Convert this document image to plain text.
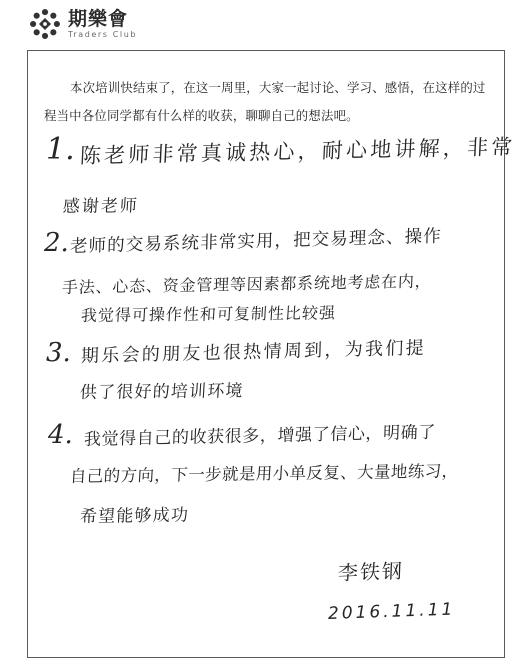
期樂會
Traders Club
本次培训快结束了，在这一周里，大家一起讨论、学习、感悟，在这样的过程当中各位同学都有什么样的收获，聊聊自己的想法吧。
1. 陈老师非常真诚热心，耐心地讲解，非常
感谢老师
2. 老师的交易系统非常实用，把交易理念、操作
手法、心态、资金管理等因素都系统地考虑在内，
我觉得可操作性和可复制性比较强
3. 期乐会的朋友也很热情周到，为我们提
供了很好的培训环境
4. 我觉得自己的收获很多，增强了信心，明确了
自己的方向，下一步就是用小单反复、大量地练习，
希望能够成功
李铁钢
2016.11.11
